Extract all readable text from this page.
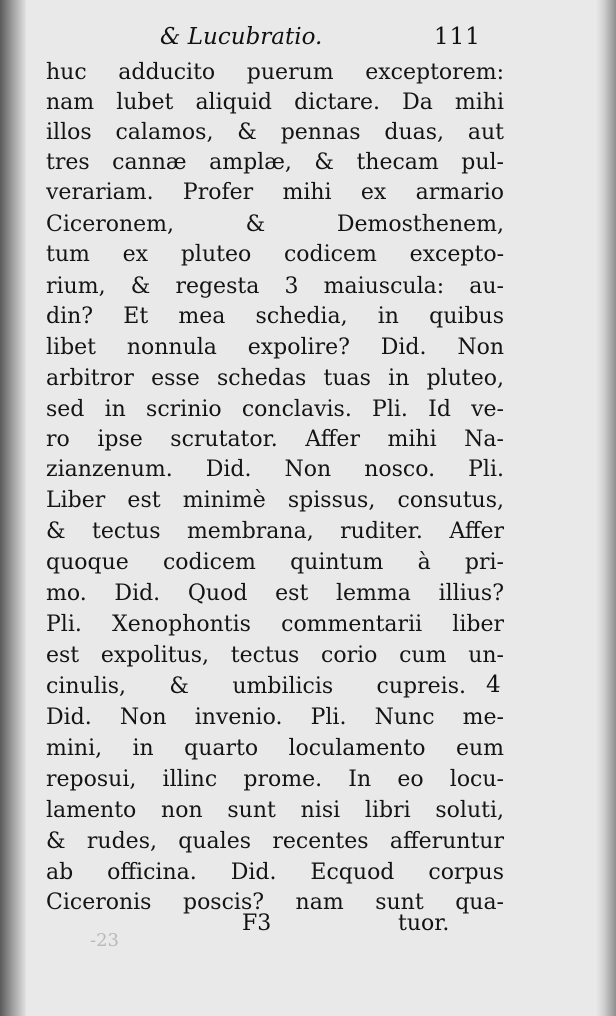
& Lucubratio.	111
huc adducito puerum exceptorem:
nam lubet aliquid dictare. Da mihi
illos calamos, & pennas duas, aut
tres cannæ amplæ, & thecam pul-
verariam. Profer mihi ex armario
Ciceronem, & Demosthenem,
tum ex pluteo codicem excepto-
rium, & regesta 3 maiuscula: au-
din? Et mea schedia, in quibus
libet nonnula expolire? Did. Non
arbitror esse schedas tuas in pluteo,
sed in scrinio conclavis. Pli. Id ve-
ro ipse scrutator. Affer mihi Na-
zianzenum. Did. Non nosco. Pli.
Liber est minimè spissus, consutus,
& tectus membrana, ruditer. Affer
quoque codicem quintum à pri-
mo. Did. Quod est lemma illius?
Pli. Xenophontis commentarii liber
est expolitus, tectus corio cum un-
cinulis, & umbilicis cupreis.
Did. Non invenio. Pli. Nunc me-
mini, in quarto loculamento eum
reposui, illinc prome. In eo locu-
lamento non sunt nisi libri soluti,
& rudes, quales recentes afferuntur
ab officina. Did. Ecquod corpus
Ciceronis poscis? nam sunt qua-
4
F3	tuor.
-23
